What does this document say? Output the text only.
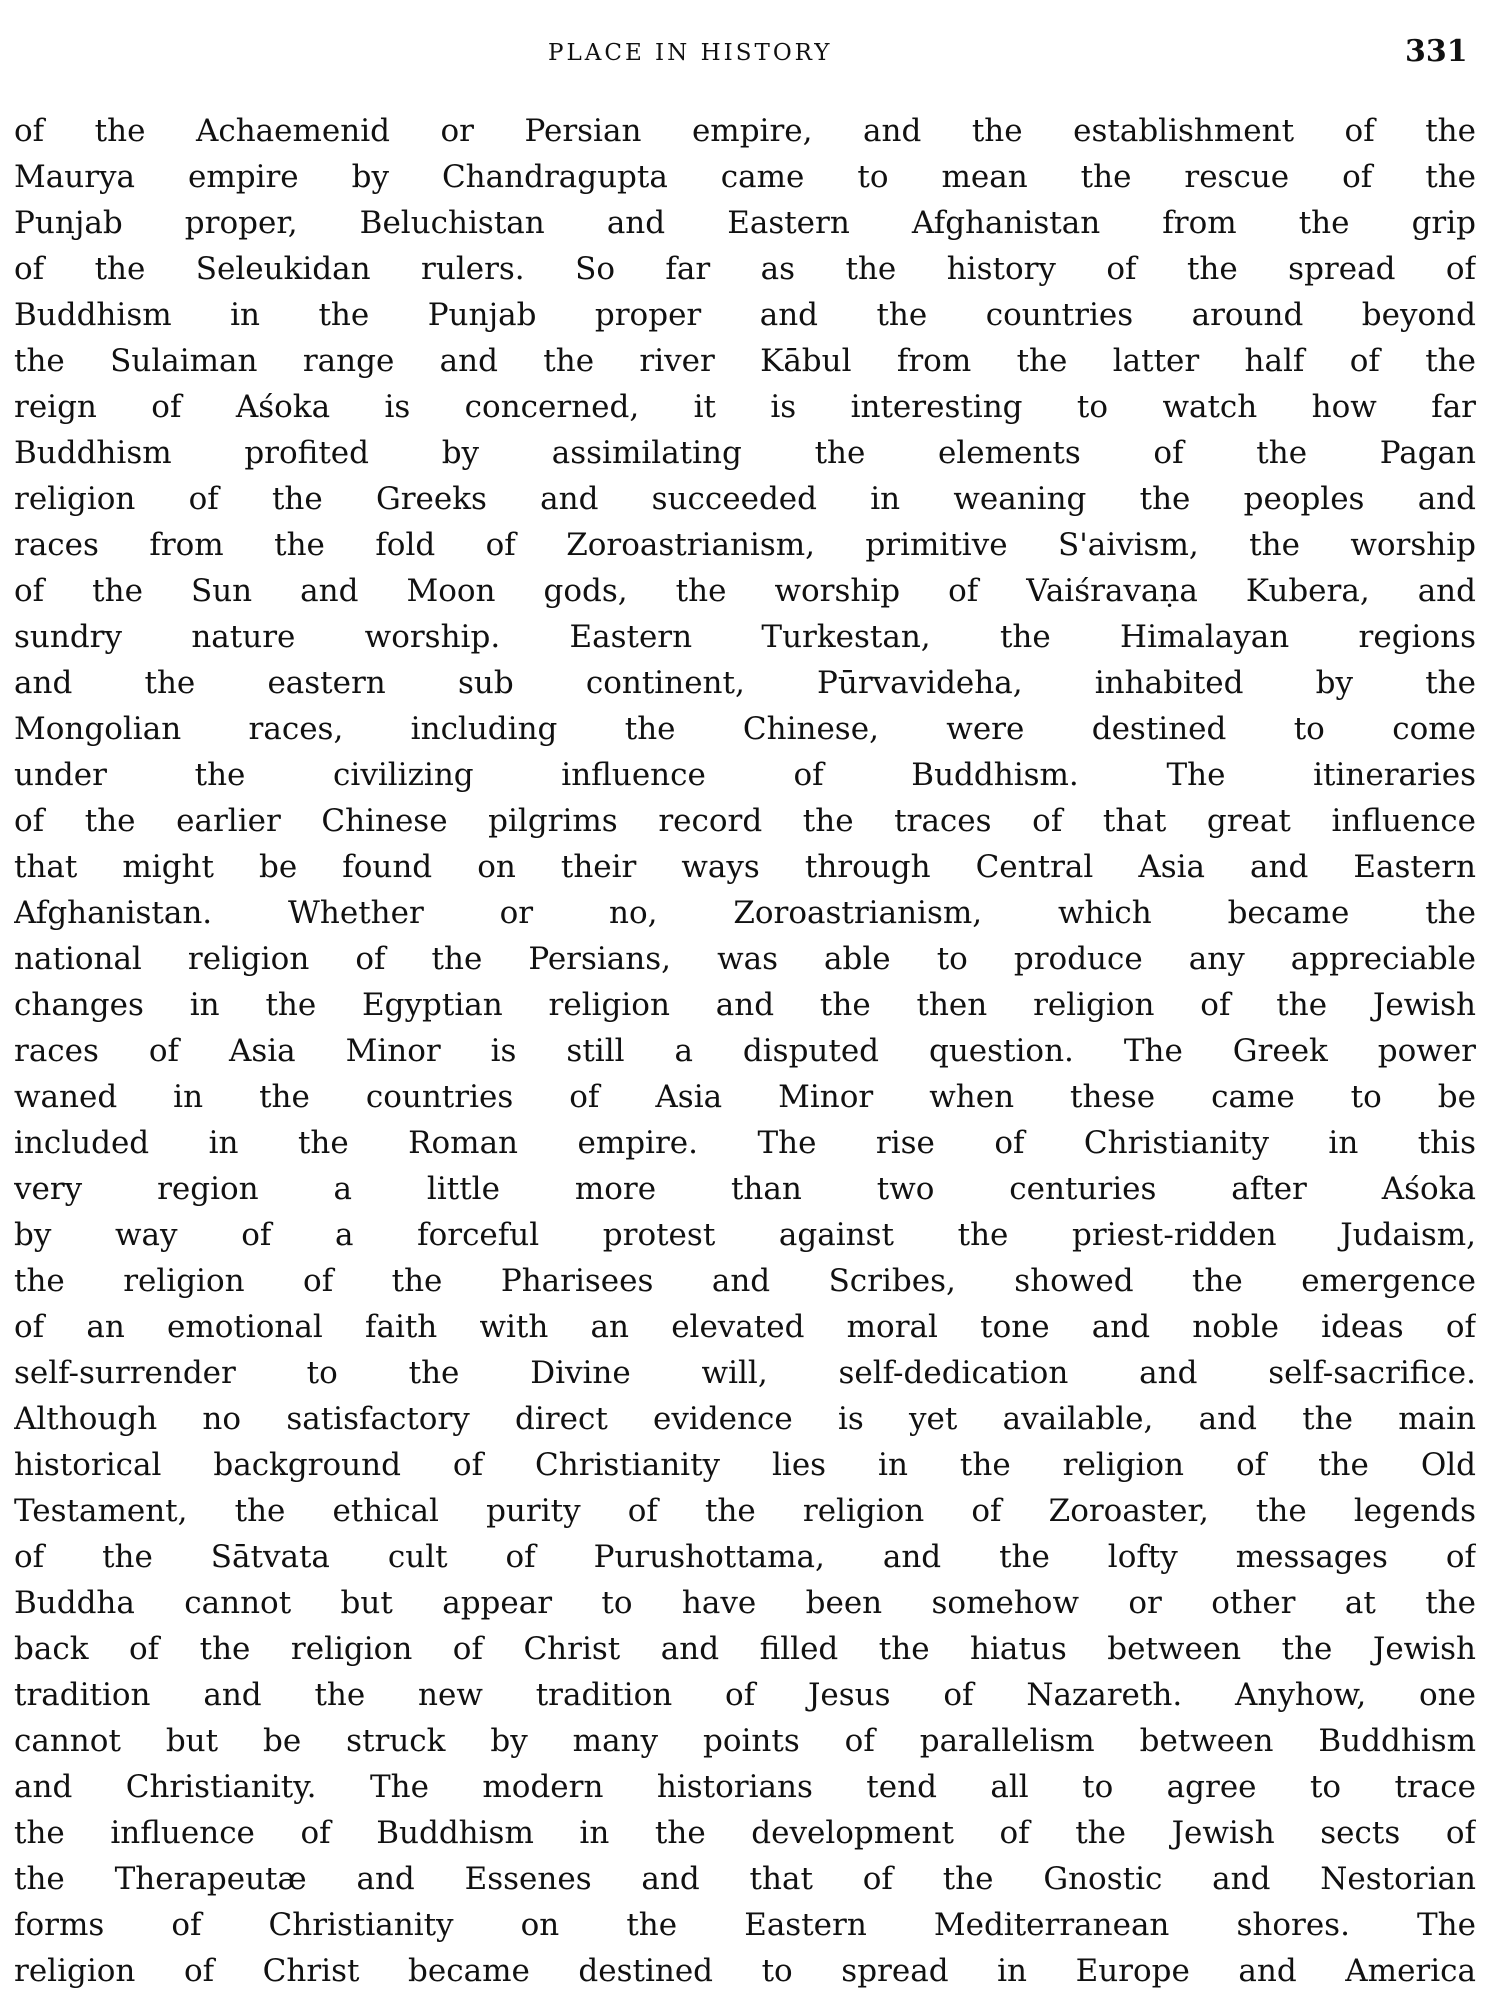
PLACE IN HISTORY	331
of the Achaemenid or Persian empire, and the establishment of the
Maurya empire by Chandragupta came to mean the rescue of the
Punjab proper, Beluchistan and Eastern Afghanistan from the grip
of the Seleukidan rulers. So far as the history of the spread of
Buddhism in the Punjab proper and the countries around beyond
the Sulaiman range and the river Kābul from the latter half of the
reign of Aśoka is concerned, it is interesting to watch how far
Buddhism profited by assimilating the elements of the Pagan
religion of the Greeks and succeeded in weaning the peoples and
races from the fold of Zoroastrianism, primitive S'aivism, the worship
of the Sun and Moon gods, the worship of Vaiśravaṇa Kubera, and
sundry nature worship. Eastern Turkestan, the Himalayan regions
and the eastern sub continent, Pūrvavideha, inhabited by the
Mongolian races, including the Chinese, were destined to come
under the civilizing influence of Buddhism. The itineraries
of the earlier Chinese pilgrims record the traces of that great influence
that might be found on their ways through Central Asia and Eastern
Afghanistan. Whether or no, Zoroastrianism, which became the
national religion of the Persians, was able to produce any appreciable
changes in the Egyptian religion and the then religion of the Jewish
races of Asia Minor is still a disputed question. The Greek power
waned in the countries of Asia Minor when these came to be
included in the Roman empire. The rise of Christianity in this
very region a little more than two centuries after Aśoka
by way of a forceful protest against the priest-ridden Judaism,
the religion of the Pharisees and Scribes, showed the emergence
of an emotional faith with an elevated moral tone and noble ideas of
self-surrender to the Divine will, self-dedication and self-sacrifice.
Although no satisfactory direct evidence is yet available, and the main
historical background of Christianity lies in the religion of the Old
Testament, the ethical purity of the religion of Zoroaster, the legends
of the Sātvata cult of Purushottama, and the lofty messages of
Buddha cannot but appear to have been somehow or other at the
back of the religion of Christ and filled the hiatus between the Jewish
tradition and the new tradition of Jesus of Nazareth. Anyhow, one
cannot but be struck by many points of parallelism between Buddhism
and Christianity. The modern historians tend all to agree to trace
the influence of Buddhism in the development of the Jewish sects of
the Therapeutæ and Essenes and that of the Gnostic and Nestorian
forms of Christianity on the Eastern Mediterranean shores. The
religion of Christ became destined to spread in Europe and America
